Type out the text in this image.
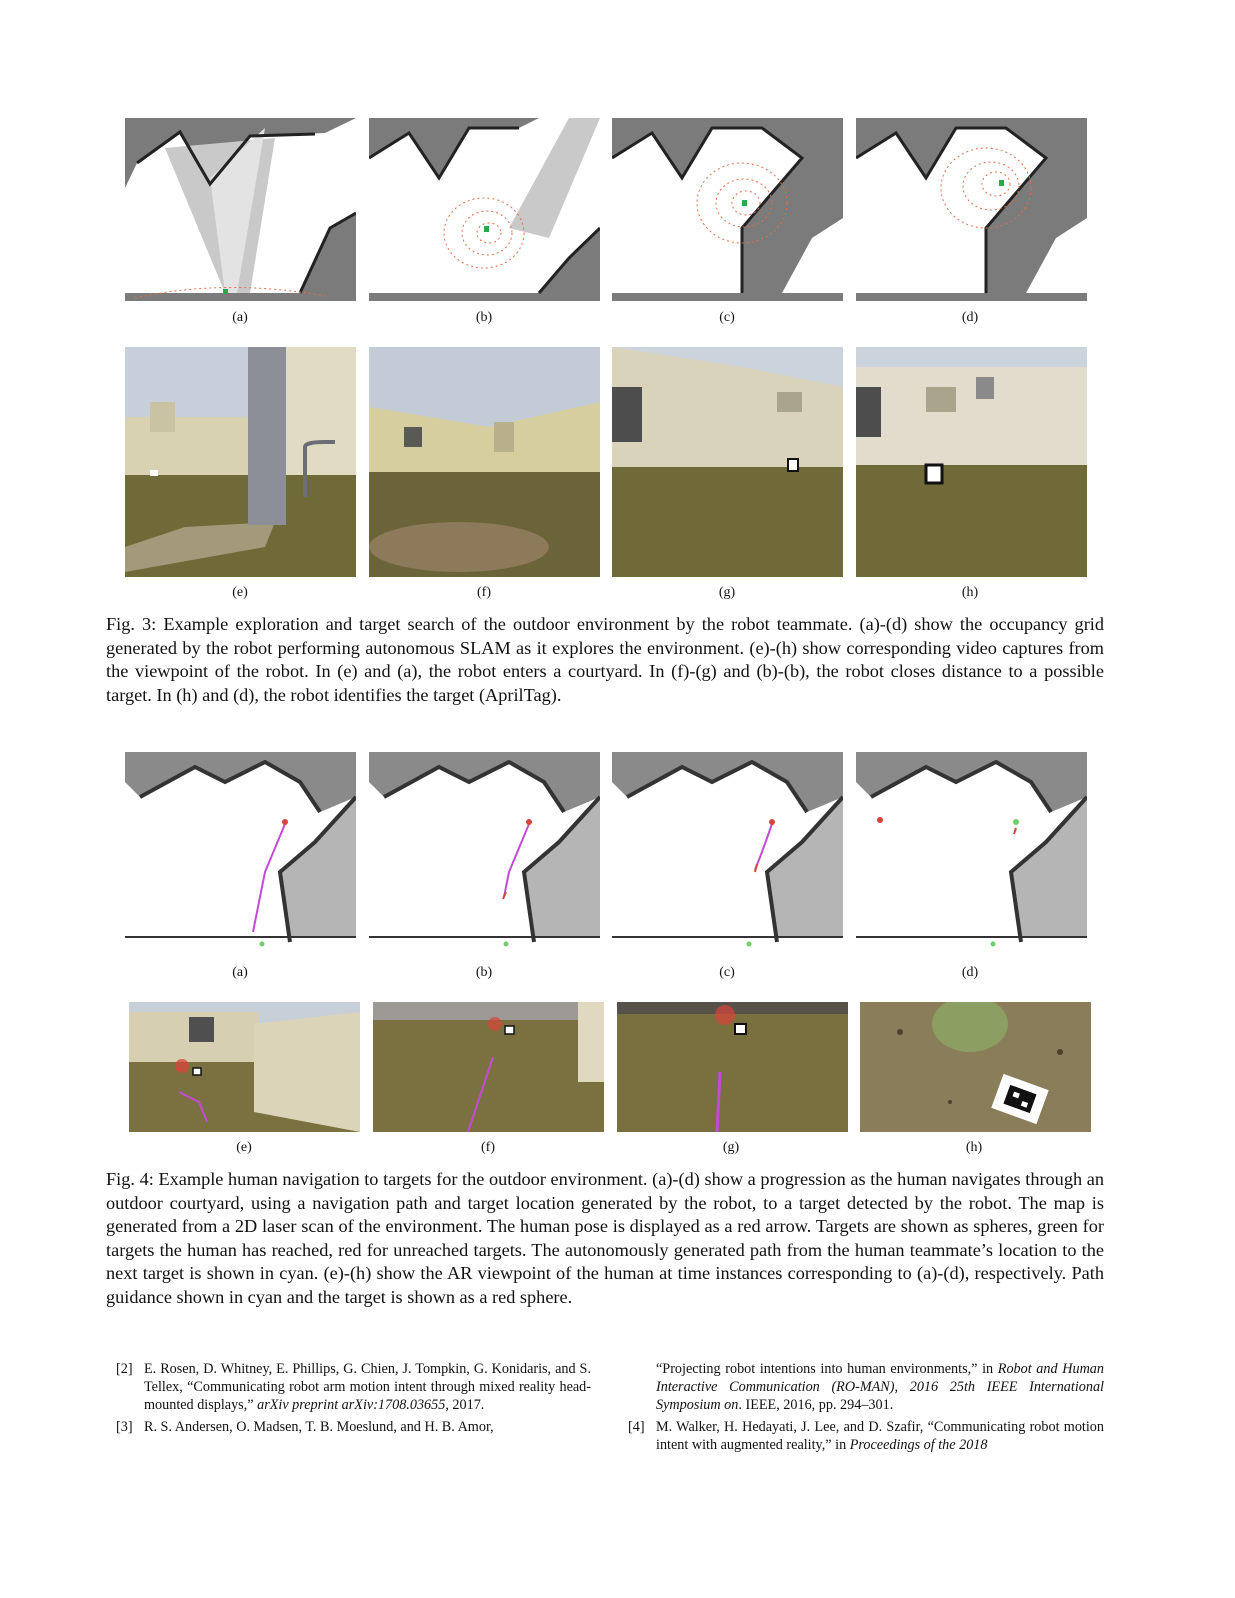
(a)	(b)	(c)	(d)
(e)	(f)	(g)	(h)

Fig. 3: Example exploration and target search of the outdoor environment by the robot teammate. (a)-(d) show the occupancy grid generated by the robot performing autonomous SLAM as it explores the environment. (e)-(h) show corresponding video captures from the viewpoint of the robot. In (e) and (a), the robot enters a courtyard. In (f)-(g) and (b)-(b), the robot closes distance to a possible target. In (h) and (d), the robot identifies the target (AprilTag).

(a)	(b)	(c)	(d)
(e)	(f)	(g)	(h)

Fig. 4: Example human navigation to targets for the outdoor environment. (a)-(d) show a progression as the human navigates through an outdoor courtyard, using a navigation path and target location generated by the robot, to a target detected by the robot. The map is generated from a 2D laser scan of the environment. The human pose is displayed as a red arrow. Targets are shown as spheres, green for targets the human has reached, red for unreached targets. The autonomously generated path from the human teammate’s location to the next target is shown in cyan. (e)-(h) show the AR viewpoint of the human at time instances corresponding to (a)-(d), respectively. Path guidance shown in cyan and the target is shown as a red sphere.

[2] E. Rosen, D. Whitney, E. Phillips, G. Chien, J. Tompkin, G. Konidaris, and S. Tellex, “Communicating robot arm motion intent through mixed reality head-mounted displays,” arXiv preprint arXiv:1708.03655, 2017.

[3] R. S. Andersen, O. Madsen, T. B. Moeslund, and H. B. Amor,

“Projecting robot intentions into human environments,” in Robot and Human Interactive Communication (RO-MAN), 2016 25th IEEE International Symposium on. IEEE, 2016, pp. 294–301.

[4] M. Walker, H. Hedayati, J. Lee, and D. Szafir, “Communicating robot motion intent with augmented reality,” in Proceedings of the 2018
